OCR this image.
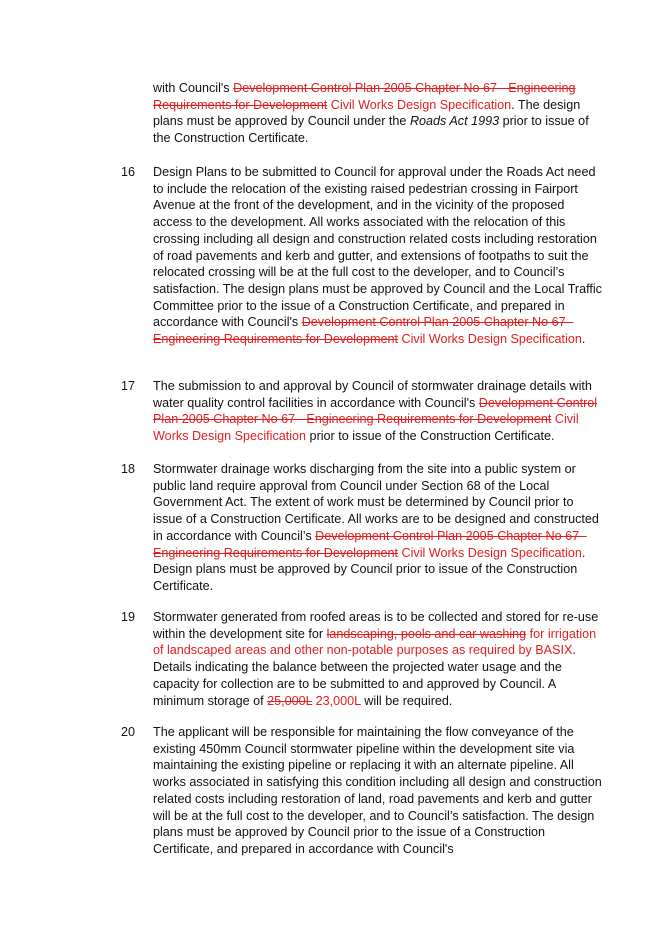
with Council's Development Control Plan 2005 Chapter No 67 - Engineering Requirements for Development Civil Works Design Specification. The design plans must be approved by Council under the Roads Act 1993 prior to issue of the Construction Certificate.
16	Design Plans to be submitted to Council for approval under the Roads Act need to include the relocation of the existing raised pedestrian crossing in Fairport Avenue at the front of the development, and in the vicinity of the proposed access to the development. All works associated with the relocation of this crossing including all design and construction related costs including restoration of road pavements and kerb and gutter, and extensions of footpaths to suit the relocated crossing will be at the full cost to the developer, and to Council’s satisfaction. The design plans must be approved by Council and the Local Traffic Committee prior to the issue of a Construction Certificate, and prepared in accordance with Council's Development Control Plan 2005 Chapter No 67 - Engineering Requirements for Development Civil Works Design Specification.
17	The submission to and approval by Council of stormwater drainage details with water quality control facilities in accordance with Council's Development Control Plan 2005 Chapter No 67 - Engineering Requirements for Development Civil Works Design Specification prior to issue of the Construction Certificate.
18	Stormwater drainage works discharging from the site into a public system or public land require approval from Council under Section 68 of the Local Government Act. The extent of work must be determined by Council prior to issue of a Construction Certificate. All works are to be designed and constructed in accordance with Council’s Development Control Plan 2005 Chapter No 67 - Engineering Requirements for Development Civil Works Design Specification. Design plans must be approved by Council prior to issue of the Construction Certificate.
19	Stormwater generated from roofed areas is to be collected and stored for re-use within the development site for landscaping, pools and car washing for irrigation of landscaped areas and other non-potable purposes as required by BASIX. Details indicating the balance between the projected water usage and the capacity for collection are to be submitted to and approved by Council. A minimum storage of 25,000L 23,000L will be required.
20	The applicant will be responsible for maintaining the flow conveyance of the existing 450mm Council stormwater pipeline within the development site via maintaining the existing pipeline or replacing it with an alternate pipeline. All works associated in satisfying this condition including all design and construction related costs including restoration of land, road pavements and kerb and gutter will be at the full cost to the developer, and to Council’s satisfaction. The design plans must be approved by Council prior to the issue of a Construction Certificate, and prepared in accordance with Council's
